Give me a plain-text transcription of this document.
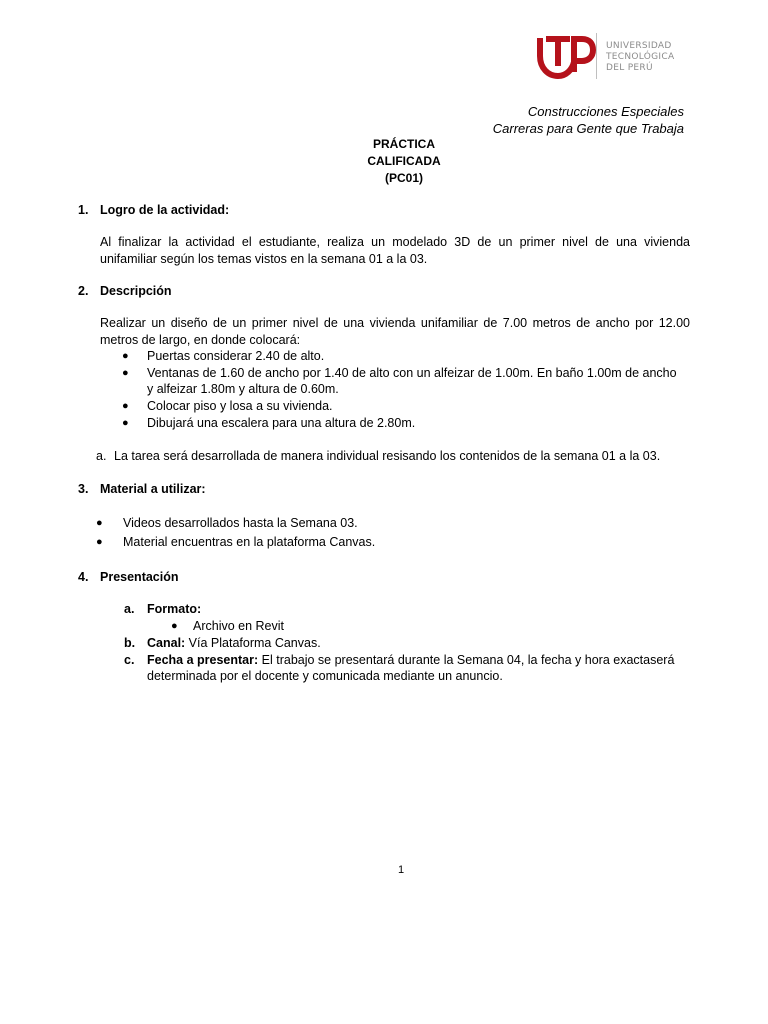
UNIVERSIDAD
TECNOLÓGICA
DEL PERÚ
Construcciones Especiales
Carreras para Gente que Trabaja
PRÁCTICA
CALIFICADA
(PC01)
1. Logro de la actividad:
Al finalizar la actividad el estudiante, realiza un modelado 3D de un primer nivel de una vivienda
unifamiliar según los temas vistos en la semana 01 a la 03.
2. Descripción
Realizar un diseño de un primer nivel de una vivienda unifamiliar de 7.00 metros de ancho por 12.00
metros de largo, en donde colocará:
● Puertas considerar 2.40 de alto.
● Ventanas de 1.60 de ancho por 1.40 de alto con un alfeizar de 1.00m. En baño 1.00m de ancho
y alfeizar 1.80m y altura de 0.60m.
● Colocar piso y losa a su vivienda.
● Dibujará una escalera para una altura de 2.80m.
a. La tarea será desarrollada de manera individual resisando los contenidos de la semana 01 a la 03.
3. Material a utilizar:
● Videos desarrollados hasta la Semana 03.
● Material encuentras en la plataforma Canvas.
4. Presentación
a. Formato:
● Archivo en Revit
b. Canal: Vía Plataforma Canvas.
c. Fecha a presentar: El trabajo se presentará durante la Semana 04, la fecha y hora exactaserá
determinada por el docente y comunicada mediante un anuncio.
1
